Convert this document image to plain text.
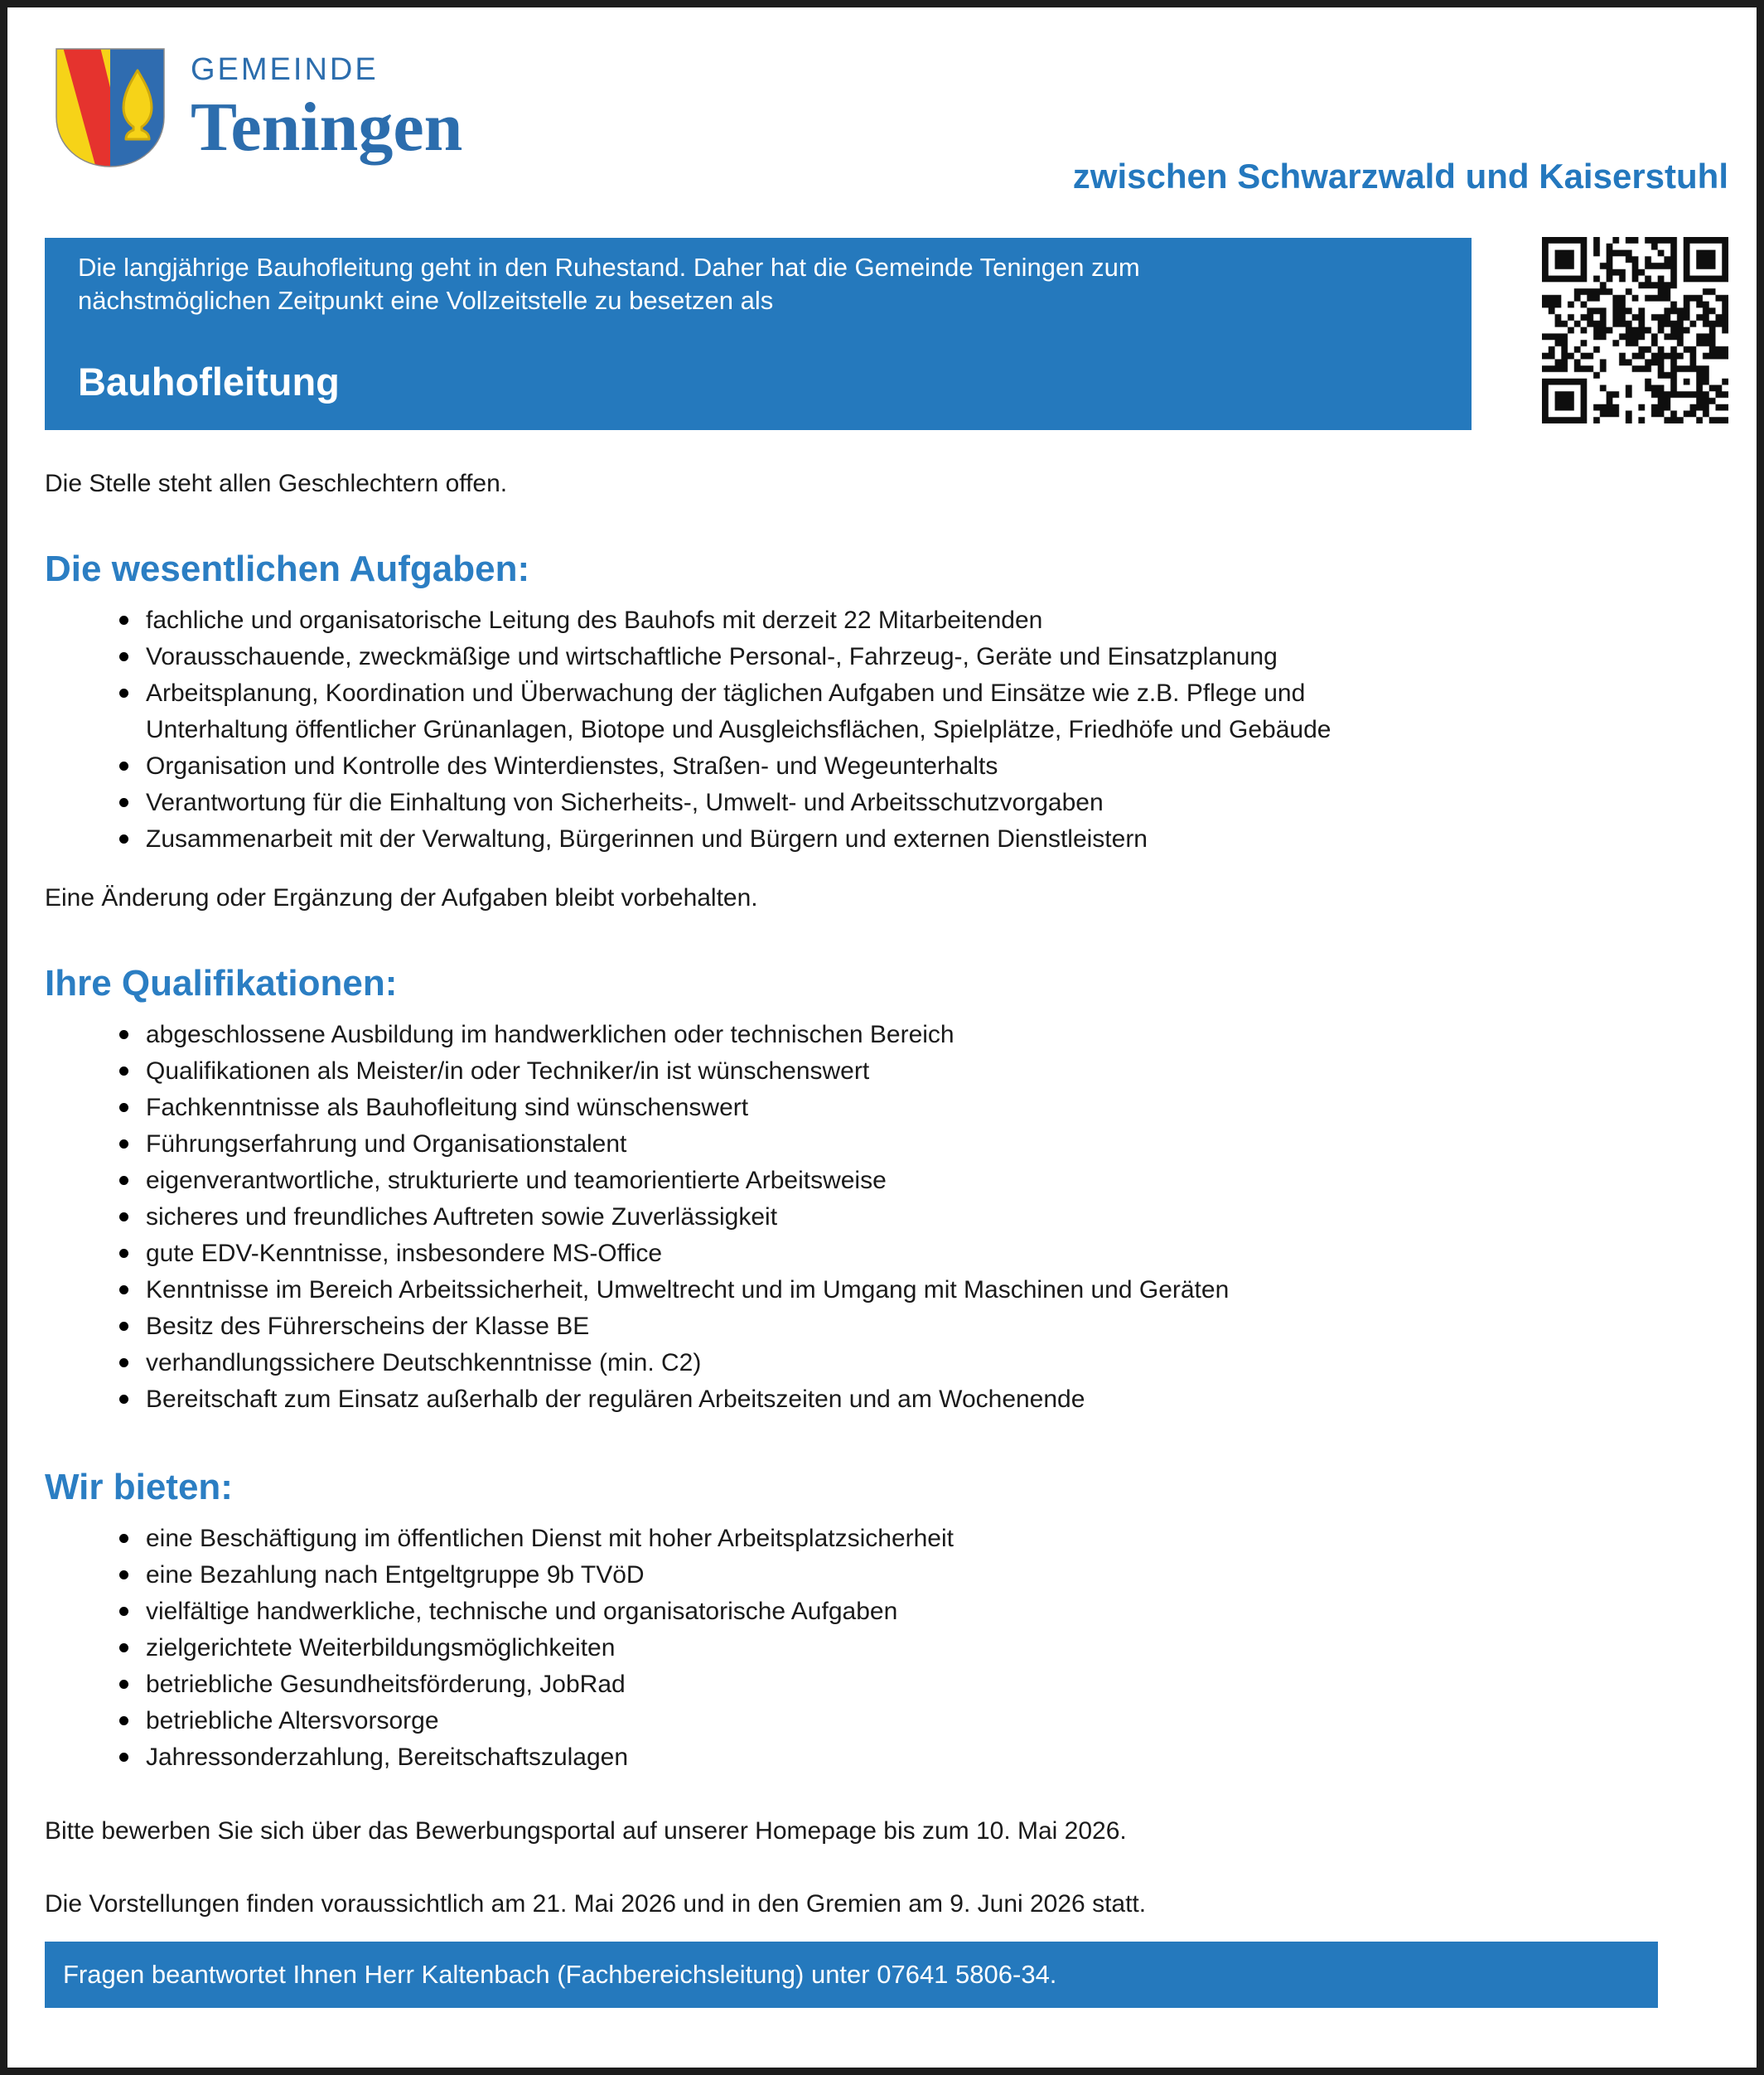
GEMEINDE
Teningen
zwischen Schwarzwald und Kaiserstuhl
Die langjährige Bauhofleitung geht in den Ruhestand. Daher hat die Gemeinde Teningen zum
nächstmöglichen Zeitpunkt eine Vollzeitstelle zu besetzen als
Bauhofleitung

Die Stelle steht allen Geschlechtern offen.

Die wesentlichen Aufgaben:
fachliche und organisatorische Leitung des Bauhofs mit derzeit 22 Mitarbeitenden
Vorausschauende, zweckmäßige und wirtschaftliche Personal-, Fahrzeug-, Geräte und Einsatzplanung
Arbeitsplanung, Koordination und Überwachung der täglichen Aufgaben und Einsätze wie z.B. Pflege und Unterhaltung öffentlicher Grünanlagen, Biotope und Ausgleichsflächen, Spielplätze, Friedhöfe und Gebäude
Organisation und Kontrolle des Winterdienstes, Straßen- und Wegeunterhalts
Verantwortung für die Einhaltung von Sicherheits-, Umwelt- und Arbeitsschutzvorgaben
Zusammenarbeit mit der Verwaltung, Bürgerinnen und Bürgern und externen Dienstleistern

Eine Änderung oder Ergänzung der Aufgaben bleibt vorbehalten.

Ihre Qualifikationen:
abgeschlossene Ausbildung im handwerklichen oder technischen Bereich
Qualifikationen als Meister/in oder Techniker/in ist wünschenswert
Fachkenntnisse als Bauhofleitung sind wünschenswert
Führungserfahrung und Organisationstalent
eigenverantwortliche, strukturierte und teamorientierte Arbeitsweise
sicheres und freundliches Auftreten sowie Zuverlässigkeit
gute EDV-Kenntnisse, insbesondere MS-Office
Kenntnisse im Bereich Arbeitssicherheit, Umweltrecht und im Umgang mit Maschinen und Geräten
Besitz des Führerscheins der Klasse BE
verhandlungssichere Deutschkenntnisse (min. C2)
Bereitschaft zum Einsatz außerhalb der regulären Arbeitszeiten und am Wochenende
Wir bieten:
eine Beschäftigung im öffentlichen Dienst mit hoher Arbeitsplatzsicherheit
eine Bezahlung nach Entgeltgruppe 9b TVöD
vielfältige handwerkliche, technische und organisatorische Aufgaben
zielgerichtete Weiterbildungsmöglichkeiten
betriebliche Gesundheitsförderung, JobRad
betriebliche Altersvorsorge
Jahressonderzahlung, Bereitschaftszulagen

Bitte bewerben Sie sich über das Bewerbungsportal auf unserer Homepage bis zum 10. Mai 2026.

Die Vorstellungen finden voraussichtlich am 21. Mai 2026 und in den Gremien am 9. Juni 2026 statt.

Fragen beantwortet Ihnen Herr Kaltenbach (Fachbereichsleitung) unter 07641 5806-34.
